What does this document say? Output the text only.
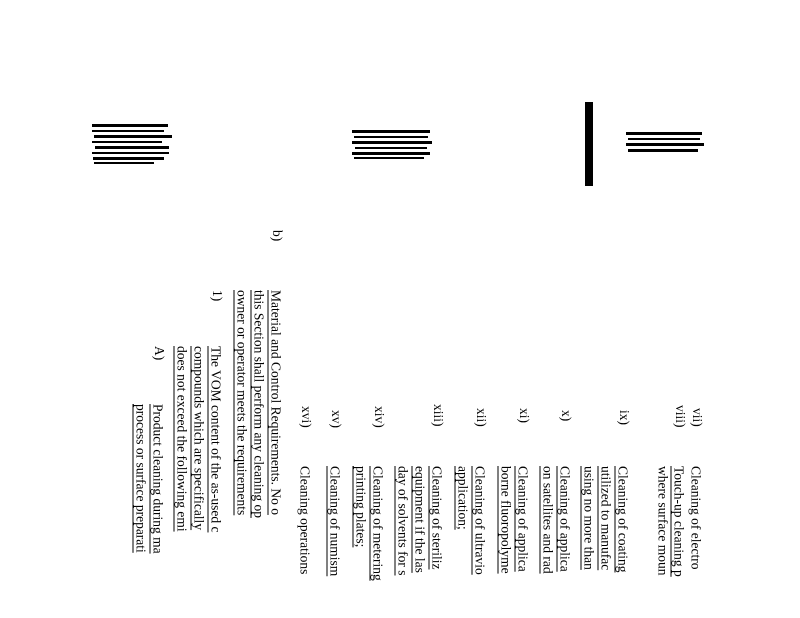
vii)
Cleaning of electro
viii)
Touch-up cleaning p
where surface moun
ix)
Cleaning of coating
utilized to manufac
using no more than
x)
Cleaning of applica
on satellites and rad
xi)
Cleaning of applica
borne fluoropolyme
xii)
Cleaning of ultravio
application;
xiii)
Cleaning of steriliz
equipment if the las
day of solvents for s
xiv)
Cleaning of metering
printing plates;
xv)
Cleaning of numism
xvi)
Cleaning operations
b)
Material and Control Requirements. No o
this Section shall perform any cleaning op
owner or operator meets the requirements
1)
The VOM content of the as-used c
compounds which are specifically
does not exceed the following emi
A)
Product cleaning during ma
process or surface preparati
